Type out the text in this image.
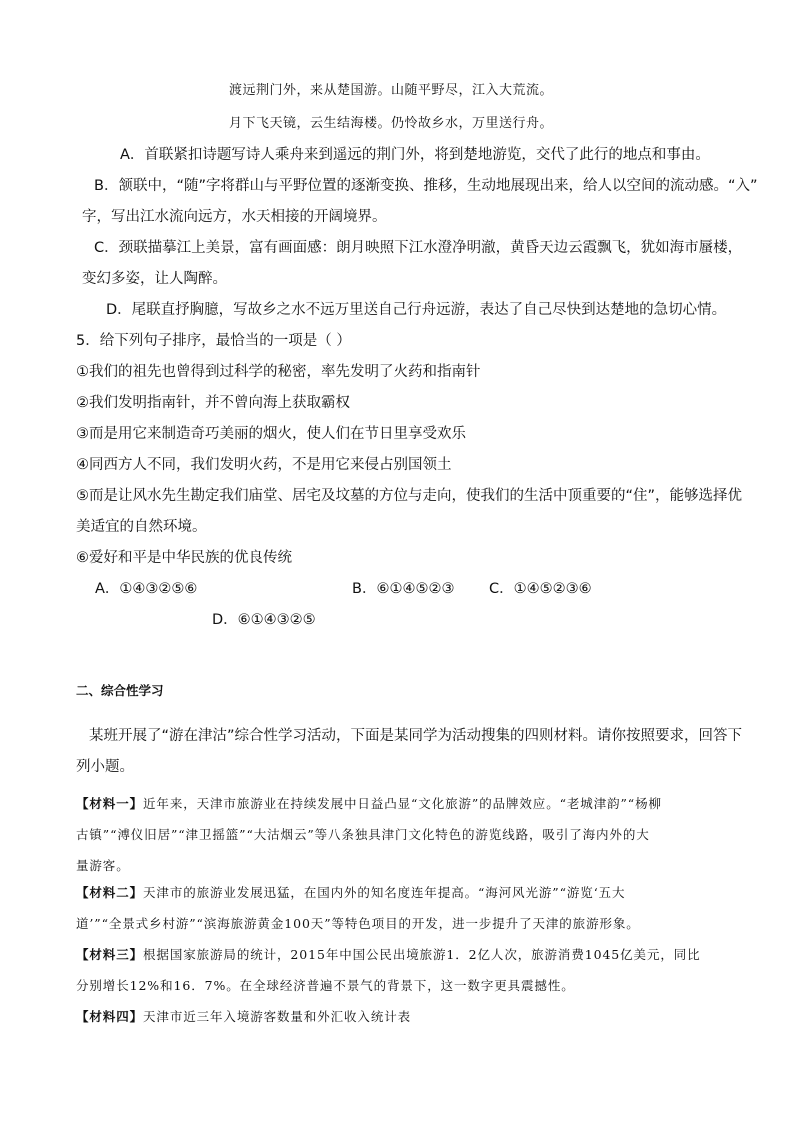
渡远荆门外，来从楚国游。山随平野尽，江入大荒流。
月下飞天镜，云生结海楼。仍怜故乡水，万里送行舟。
A．首联紧扣诗题写诗人乘舟来到遥远的荆门外，将到楚地游览，交代了此行的地点和事由。
B．颔联中，“随”字将群山与平野位置的逐渐变换、推移，生动地展现出来，给人以空间的流动感。“入”
字，写出江水流向远方，水天相接的开阔境界。
C．颈联描摹江上美景，富有画面感：朗月映照下江水澄净明澈，黄昏天边云霞飘飞，犹如海市蜃楼，
变幻多姿，让人陶醉。
D．尾联直抒胸臆，写故乡之水不远万里送自己行舟远游，表达了自己尽快到达楚地的急切心情。
5．给下列句子排序，最恰当的一项是（ ）
①我们的祖先也曾得到过科学的秘密，率先发明了火药和指南针
②我们发明指南针，并不曾向海上获取霸权
③而是用它来制造奇巧美丽的烟火，使人们在节日里享受欢乐
④同西方人不同，我们发明火药，不是用它来侵占别国领土
⑤而是让风水先生勘定我们庙堂、居宅及坟墓的方位与走向，使我们的生活中顶重要的“住”，能够选择优
美适宜的自然环境。
⑥爱好和平是中华民族的优良传统
A．①④③②⑤⑥	B．⑥①④⑤②③ C．①④⑤②③⑥
D．⑥①④③②⑤
二、综合性学习
某班开展了“游在津沽”综合性学习活动，下面是某同学为活动搜集的四则材料。请你按照要求，回答下
列小题。
【材料一】近年来，天津市旅游业在持续发展中日益凸显“文化旅游”的品牌效应。“老城津韵”“杨柳
古镇”“溥仪旧居”“津卫摇篮”“大沽烟云”等八条独具津门文化特色的游览线路，吸引了海内外的大
量游客。
【材料二】天津市的旅游业发展迅猛，在国内外的知名度连年提高。“海河风光游”“游览‘五大
道’”“全景式乡村游”“滨海旅游黄金100天”等特色项目的开发，进一步提升了天津的旅游形象。
【材料三】根据国家旅游局的统计，2015年中国公民出境旅游1．2亿人次，旅游消费1045亿美元，同比
分别增长12%和16．7%。在全球经济普遍不景气的背景下，这一数字更具震撼性。
【材料四】天津市近三年入境游客数量和外汇收入统计表
